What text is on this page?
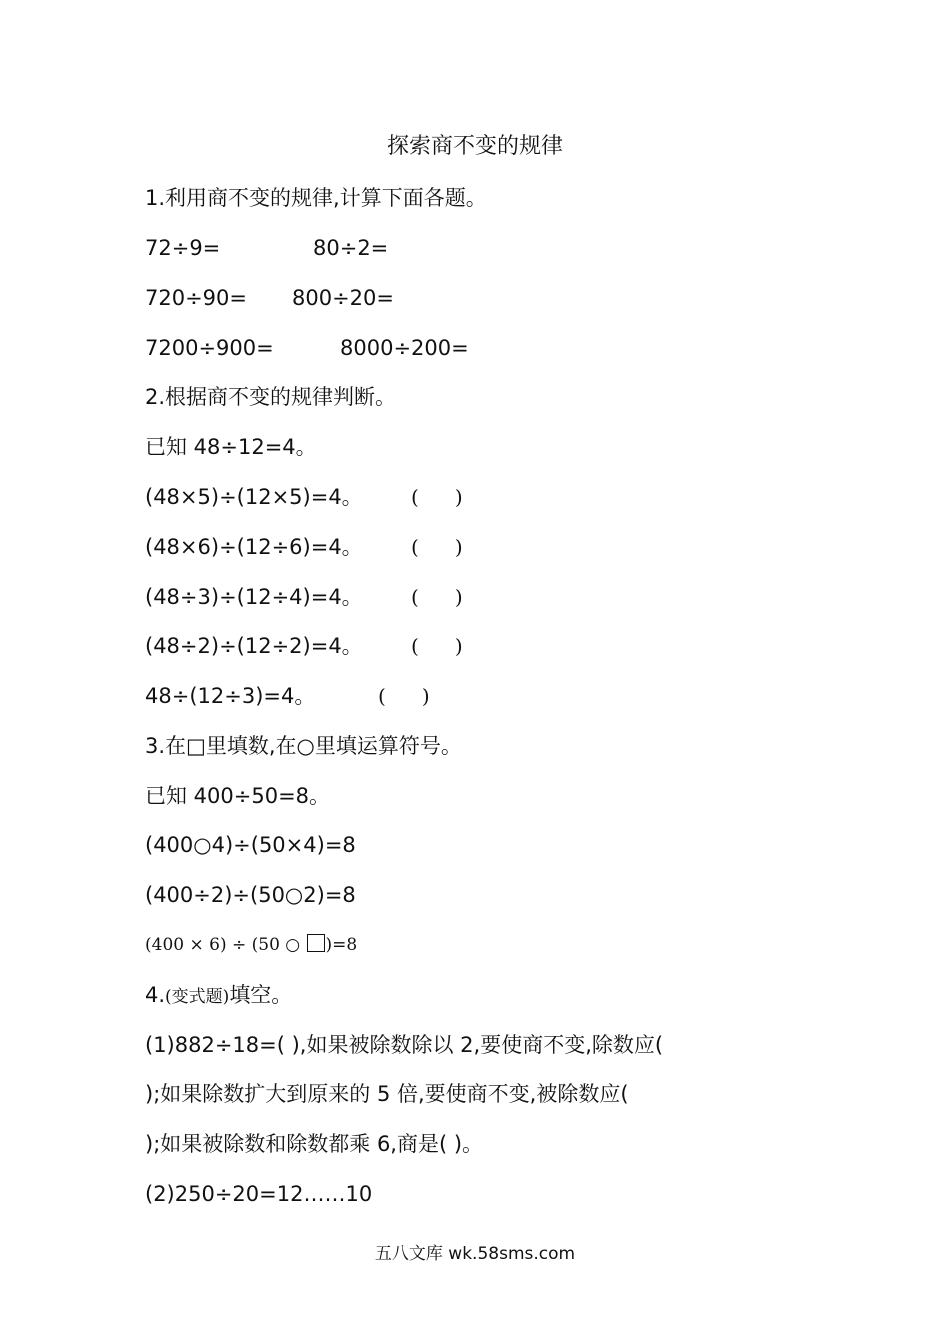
探索商不变的规律
1.利用商不变的规律,计算下面各题。
72÷9=	80÷2=
720÷90= 800÷20=
7200÷900=	8000÷200=
2.根据商不变的规律判断。
已知 48÷12=4。
(48×5)÷(12×5)=4。 ( )
(48×6)÷(12÷6)=4。 ( )
(48÷3)÷(12÷4)=4。 ( )
(48÷2)÷(12÷2)=4。 ( )
48÷(12÷3)=4。	( )
3.在□里填数,在○里填运算符号。
已知 400÷50=8。
(400○4)÷(50×4)=8
(400÷2)÷(50○2)=8
(400 × 6) ÷ (50 ○ )=8
4.(变式题)填空。
(1)882÷18=( ),如果被除数除以 2,要使商不变,除数应(
);如果除数扩大到原来的 5 倍,要使商不变,被除数应(
);如果被除数和除数都乘 6,商是( )。
(2)250÷20=12……10
五八文库 wk.58sms.com
